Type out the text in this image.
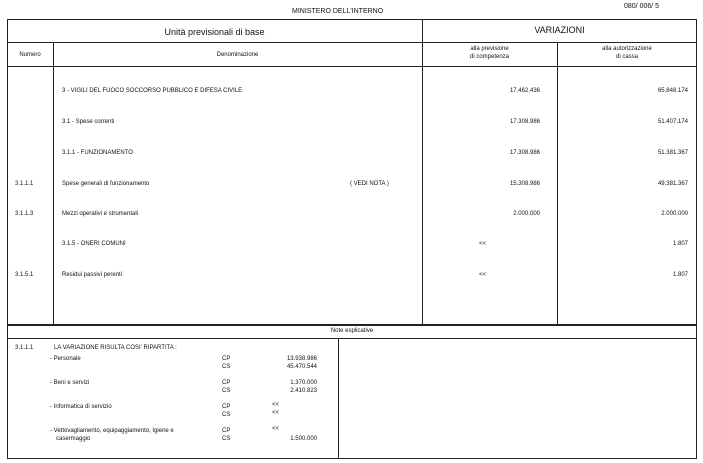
MINISTERO DELL'INTERNO
080/ 006/ 5
Unità previsionali di base	VARIAZIONI
Numero	Denominazione
alla previsione
di competenza
alla autorizzazione
di cassa
3 - VIGILI DEL FUOCO SOCCORSO PUBBLICO E DIFESA CIVILE	17.462.436	65.848.174
3.1 - Spese correnti	17.308.986	51.407.174
3.1.1 - FUNZIONAMENTO	17.308.986	51.381.367
3.1.1.1	Spese generali di funzionamento	( VEDI NOTA )	15.308.986	49.381.367
3.1.1.3	Mezzi operativi e strumentali	2.000.000	2.000.000
3.1.5 - ONERI COMUNI	<<	1.807
3.1.5.1	Residui passivi perenti	<<	1.807
Note esplicative
3.1.1.1	LA VARIAZIONE RISULTA COSI' RIPARTITA :
- Personale	CP	13.938.986
CS	45.470.544
- Beni e servizi	CP	1.370.000
CS	2.410.823
- Informatica di servizio	CP	<<
CS	<<
- Vettovagliamento, equipaggiamento, Igiene e
casermaggio
CP	<<
CS	1.500.000
